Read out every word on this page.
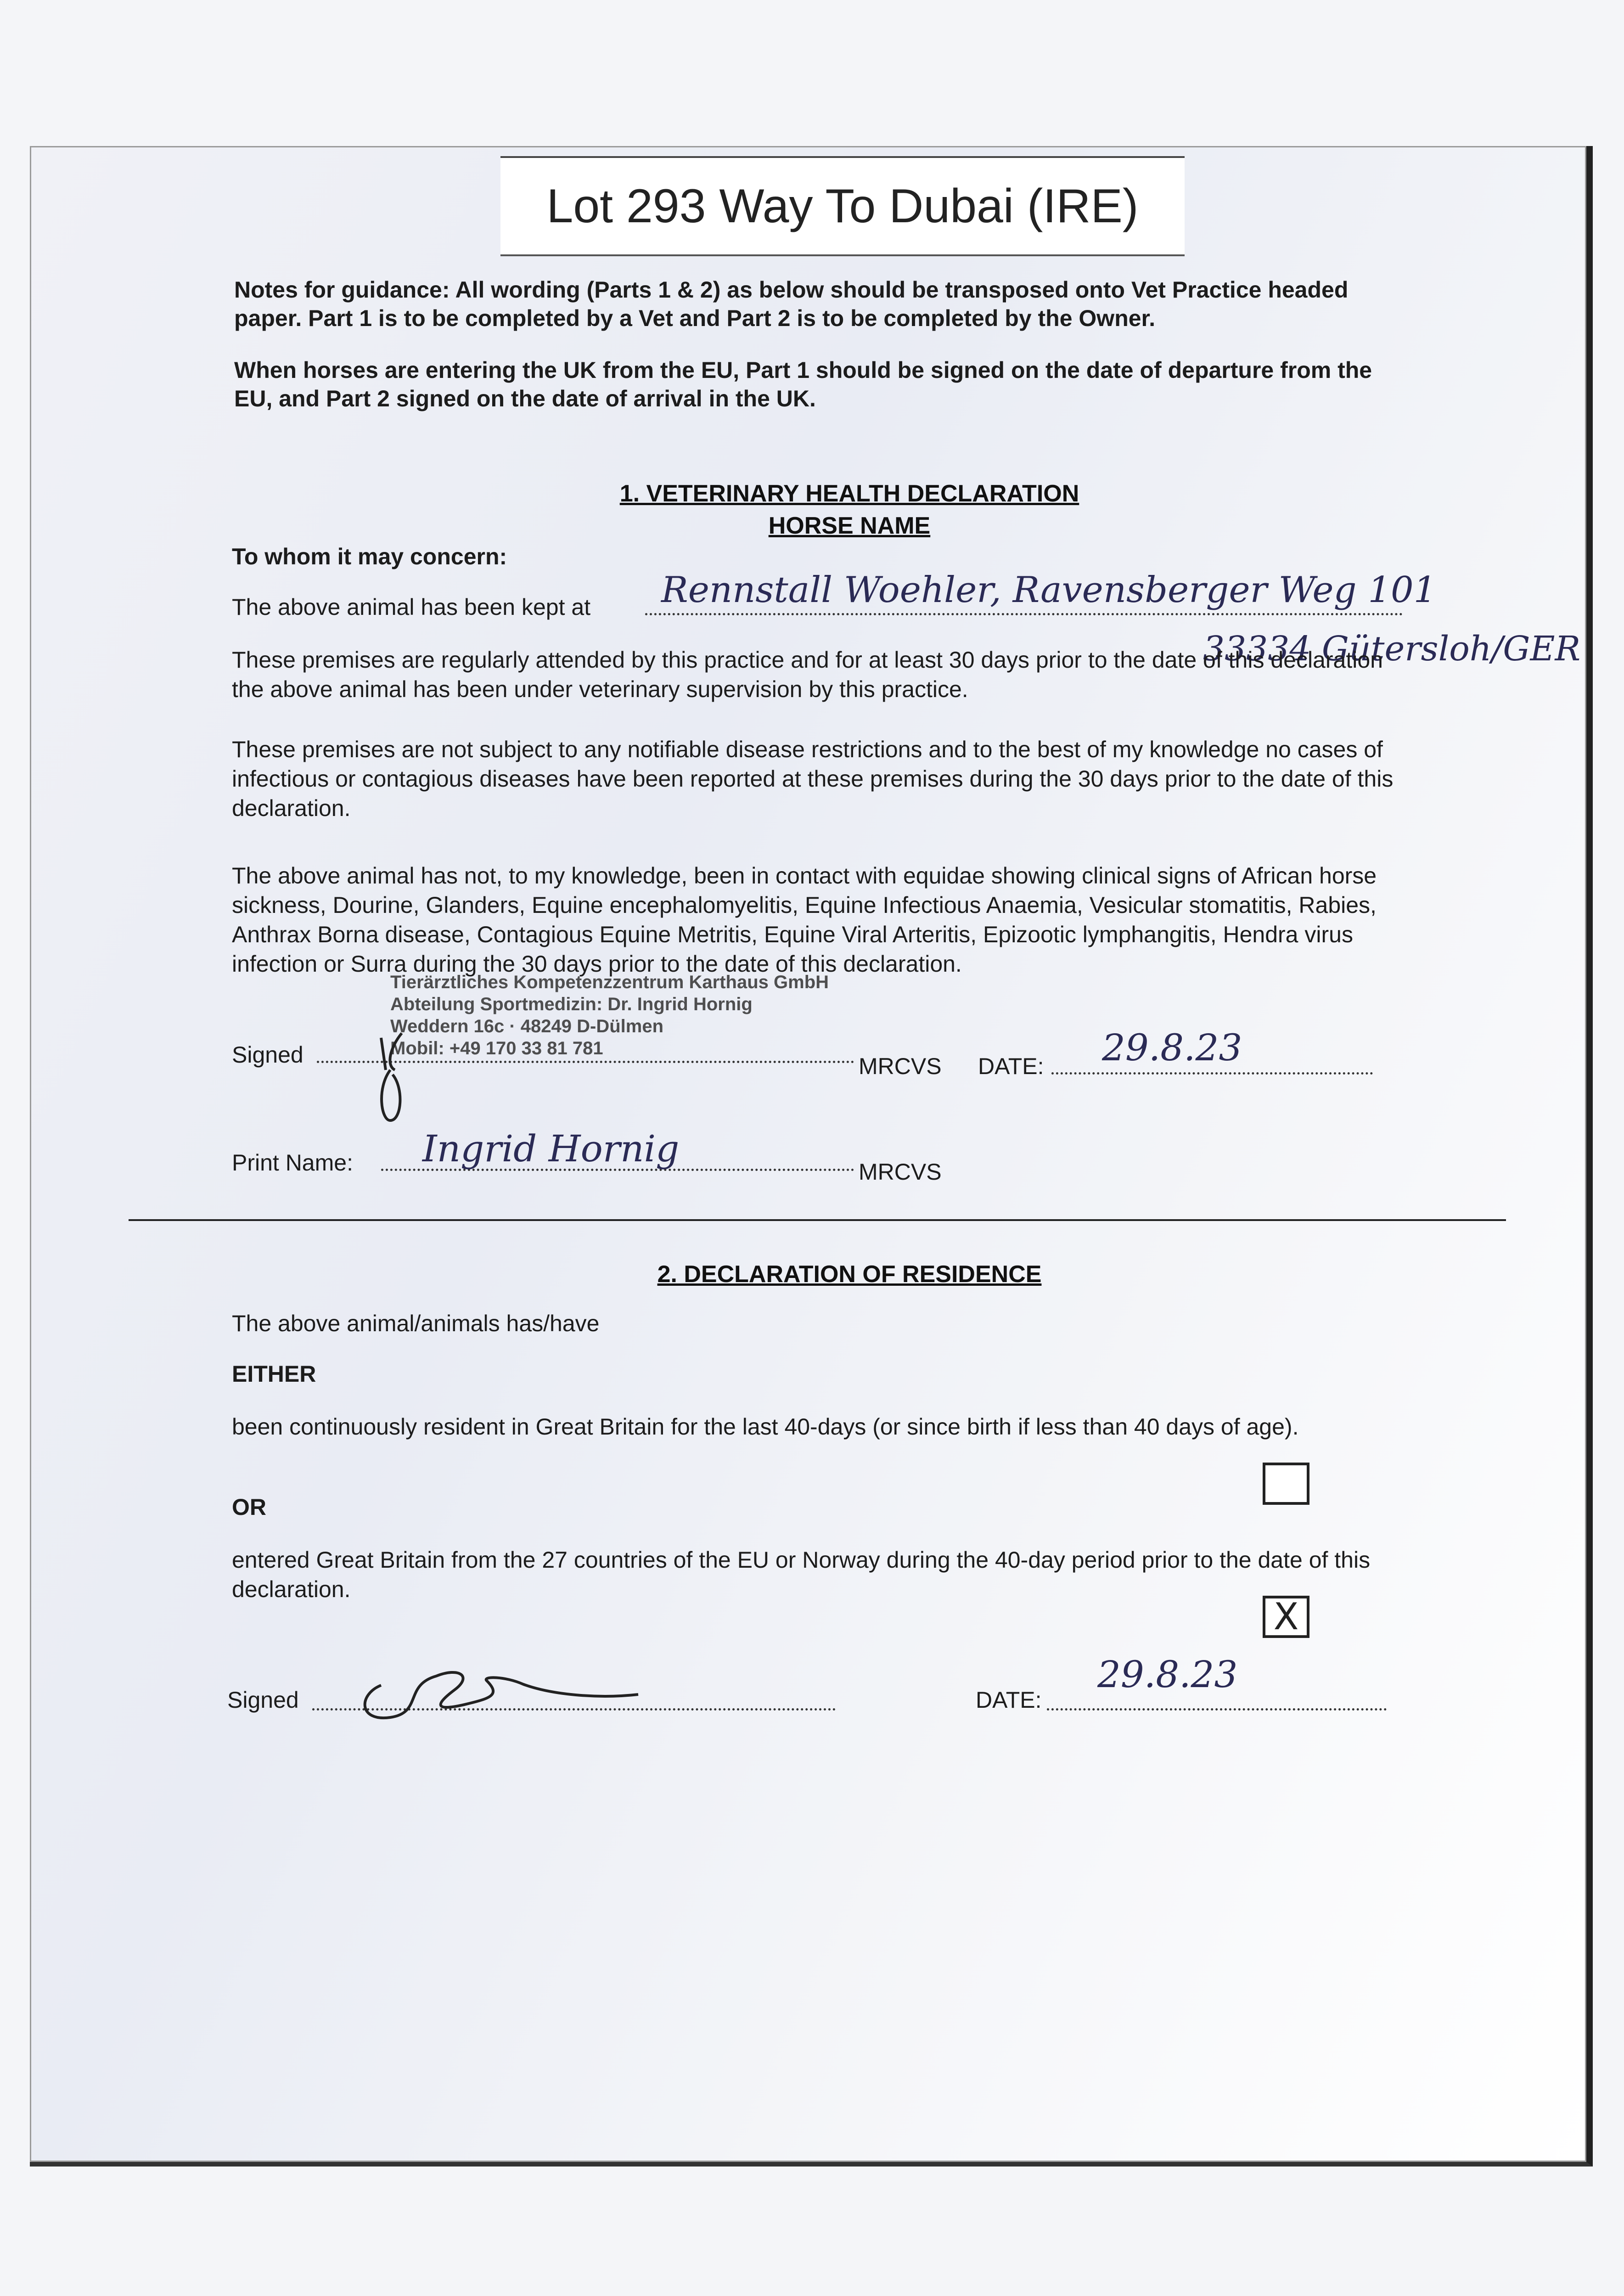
Lot 293 Way To Dubai (IRE)
Notes for guidance: All wording (Parts 1 & 2) as below should be transposed onto Vet Practice headed paper. Part 1 is to be completed by a Vet and Part 2 is to be completed by the Owner.
When horses are entering the UK from the EU, Part 1 should be signed on the date of departure from the EU, and Part 2 signed on the date of arrival in the UK.
1. VETERINARY HEALTH DECLARATION
HORSE NAME
To whom it may concern:
The above animal has been kept at Rennstall Woehler, Ravensberger Weg 101
33334 Gütersloh/GER
These premises are regularly attended by this practice and for at least 30 days prior to the date of this declaration the above animal has been under veterinary supervision by this practice.
These premises are not subject to any notifiable disease restrictions and to the best of my knowledge no cases of infectious or contagious diseases have been reported at these premises during the 30 days prior to the date of this declaration.
The above animal has not, to my knowledge, been in contact with equidae showing clinical signs of African horse sickness, Dourine, Glanders, Equine encephalomyelitis, Equine Infectious Anaemia, Vesicular stomatitis, Rabies, Anthrax Borna disease, Contagious Equine Metritis, Equine Viral Arteritis, Epizootic lymphangitis, Hendra virus infection or Surra during the 30 days prior to the date of this declaration.
Tierärztliches Kompetenzzentrum Karthaus GmbH
Abteilung Sportmedizin: Dr. Ingrid Hornig
Weddern 16c · 48249 D-Dülmen
Mobil: +49 170 33 81 781
Signed	MRCVS DATE: 29.8.23
Print Name: Ingrid Hornig
MRCVS
2. DECLARATION OF RESIDENCE
The above animal/animals has/have
EITHER
been continuously resident in Great Britain for the last 40-days (or since birth if less than 40 days of age).
OR
entered Great Britain from the 27 countries of the EU or Norway during the 40-day period prior to the date of this declaration.
X
Signed	DATE:
29.8.23
